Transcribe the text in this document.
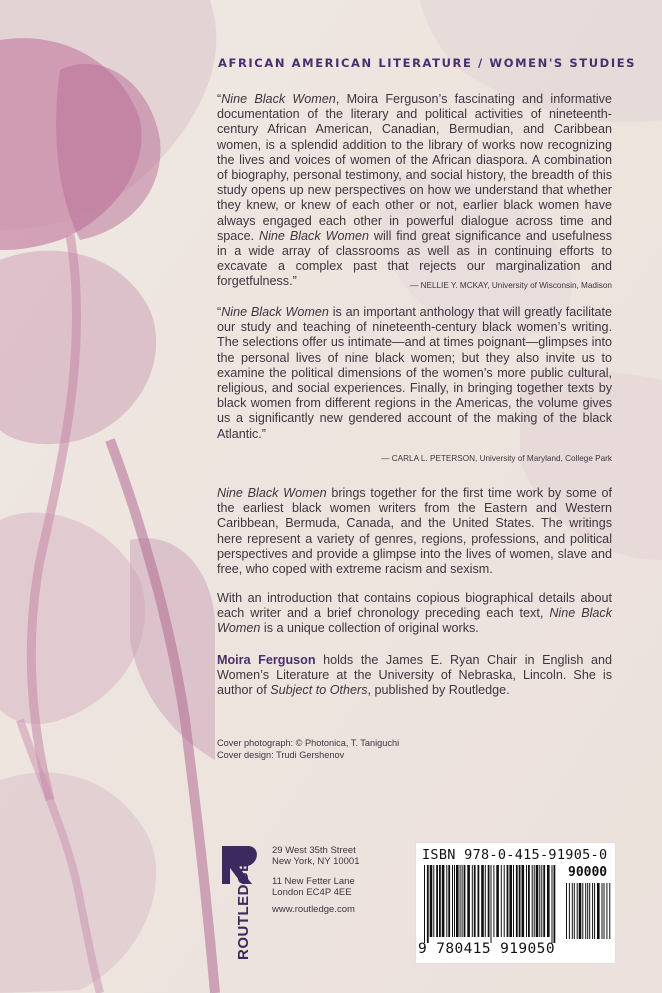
AFRICAN AMERICAN LITERATURE / WOMEN'S STUDIES

“Nine Black Women, Moira Ferguson’s fascinating and informative documentation of the literary and political activities of nineteenth-century African American, Canadian, Bermudian, and Caribbean women, is a splendid addition to the library of works now recognizing the lives and voices of women of the African diaspora. A combination of biography, personal testimony, and social history, the breadth of this study opens up new perspectives on how we understand that whether they knew, or knew of each other or not, earlier black women have always engaged each other in powerful dialogue across time and space. Nine Black Women will find great significance and usefulness in a wide array of classrooms as well as in continuing efforts to excavate a complex past that rejects our marginalization and forgetfulness.”	— NELLIE Y. MCKAY, University of Wisconsin, Madison

“Nine Black Women is an important anthology that will greatly facilitate our study and teaching of nineteenth-century black women’s writing. The selections offer us intimate—and at times poignant—glimpses into the personal lives of nine black women; but they also invite us to examine the political dimensions of the women’s more public cultural, religious, and social experiences. Finally, in bringing together texts by black women from different regions in the Americas, the volume gives us a significantly new gendered account of the making of the black Atlantic.”

— CARLA L. PETERSON, University of Maryland, College Park

Nine Black Women brings together for the first time work by some of the earliest black women writers from the Eastern and Western Caribbean, Bermuda, Canada, and the United States. The writings here represent a variety of genres, regions, professions, and political perspectives and provide a glimpse into the lives of women, slave and free, who coped with extreme racism and sexism.

With an introduction that contains copious biographical details about each writer and a brief chronology preceding each text, Nine Black Women is a unique collection of original works.

Moira Ferguson holds the James E. Ryan Chair in English and Women’s Literature at the University of Nebraska, Lincoln. She is author of Subject to Others, published by Routledge.

Cover photograph: © Photonica, T. Taniguchi
Cover design: Trudi Gershenov
ROUTLEDGE
29 West 35th Street
New York, NY 10001
11 New Fetter Lane
London EC4P 4EE
www.routledge.com
ISBN 978-0-415-91905-0
90000
9 780415 919050
